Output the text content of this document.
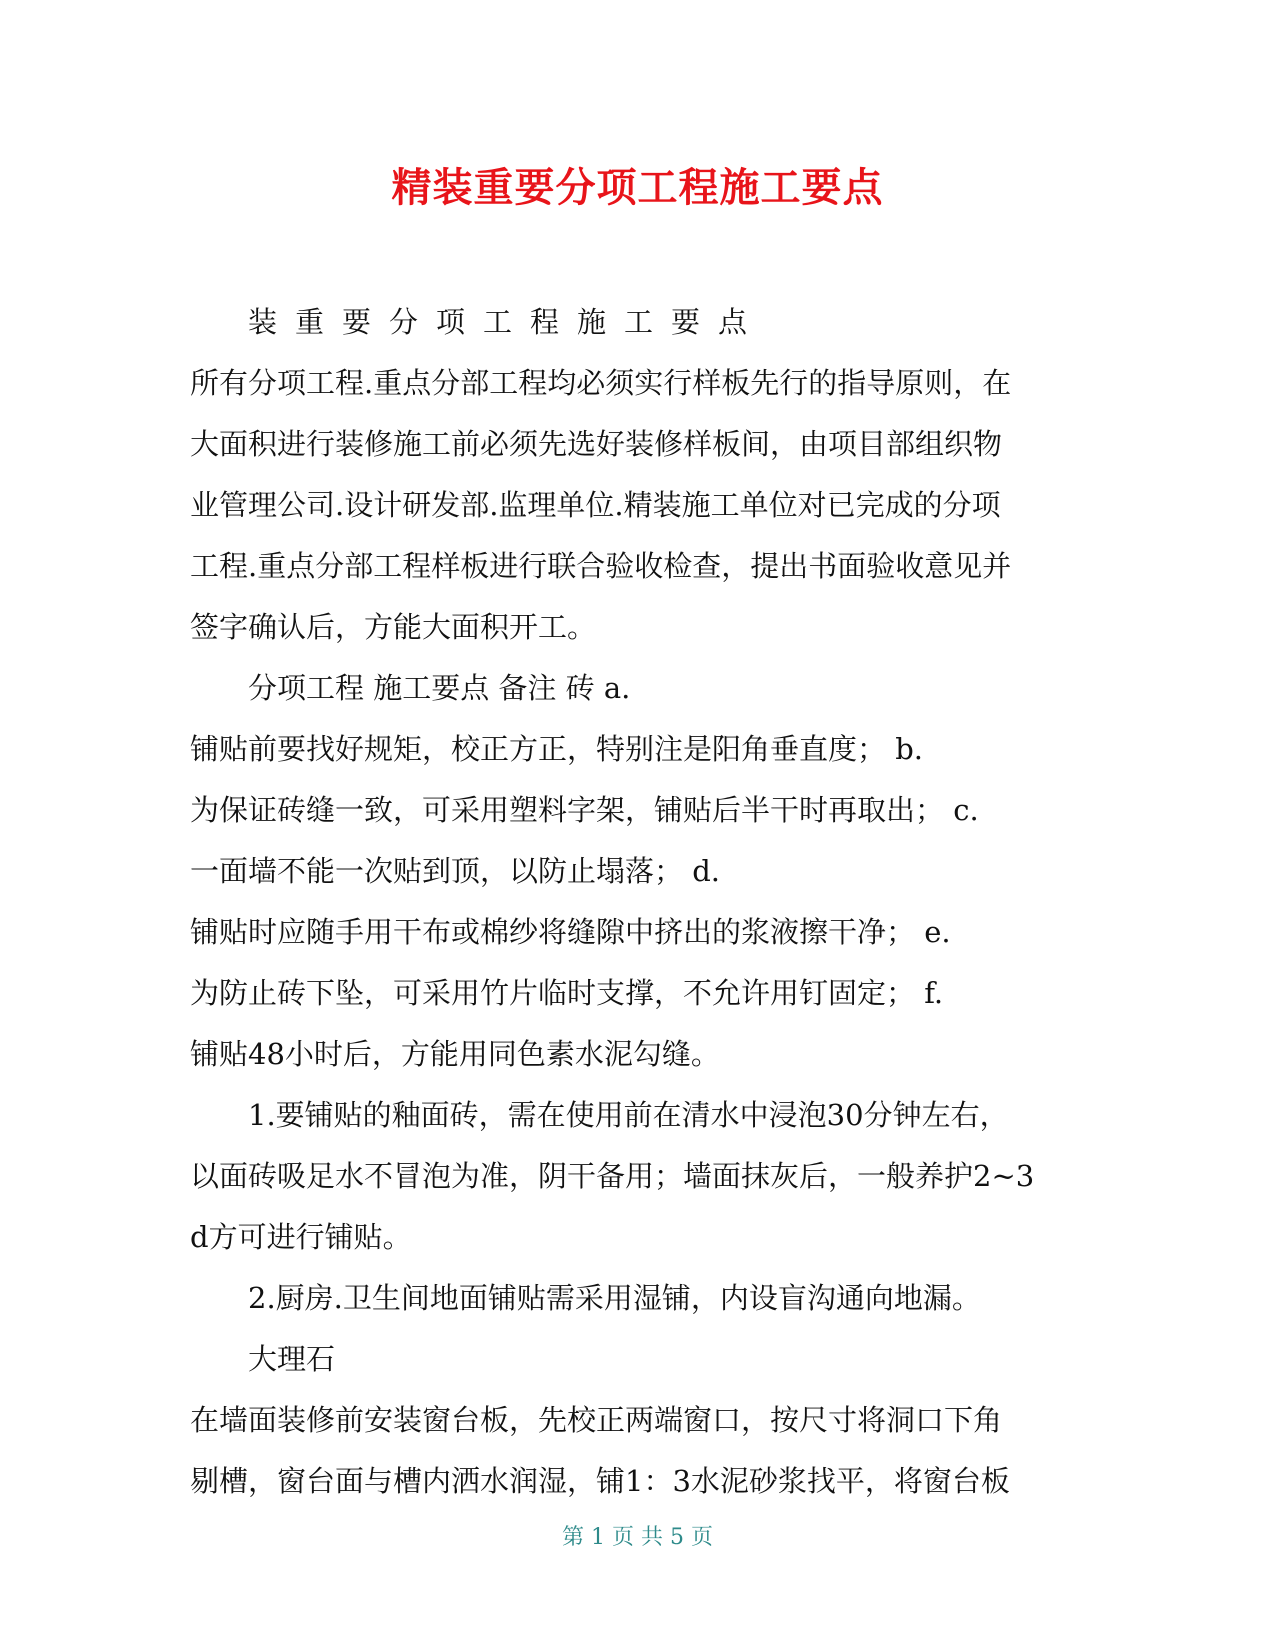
精装重要分项工程施工要点

装重要分项工程施工要点

所有分项工程.重点分部工程均必须实行样板先行的指导原则，在

大面积进行装修施工前必须先选好装修样板间，由项目部组织物

业管理公司.设计研发部.监理单位.精装施工单位对已完成的分项

工程.重点分部工程样板进行联合验收检查，提出书面验收意见并

签字确认后，方能大面积开工。

分项工程 施工要点 备注 砖 a.

铺贴前要找好规矩，校正方正，特别注是阳角垂直度； b.

为保证砖缝一致，可采用塑料字架，铺贴后半干时再取出； c.

一面墙不能一次贴到顶，以防止塌落； d.

铺贴时应随手用干布或棉纱将缝隙中挤出的浆液擦干净； e.

为防止砖下坠，可采用竹片临时支撑，不允许用钉固定； f.

铺贴48小时后，方能用同色素水泥勾缝。

1.要铺贴的釉面砖，需在使用前在清水中浸泡30分钟左右，

以面砖吸足水不冒泡为准，阴干备用；墙面抹灰后，一般养护2~3

d方可进行铺贴。

2.厨房.卫生间地面铺贴需采用湿铺，内设盲沟通向地漏。

大理石

在墙面装修前安装窗台板，先校正两端窗口，按尺寸将洞口下角

剔槽，窗台面与槽内洒水润湿，铺1：3水泥砂浆找平，将窗台板

第 1 页 共 5 页
